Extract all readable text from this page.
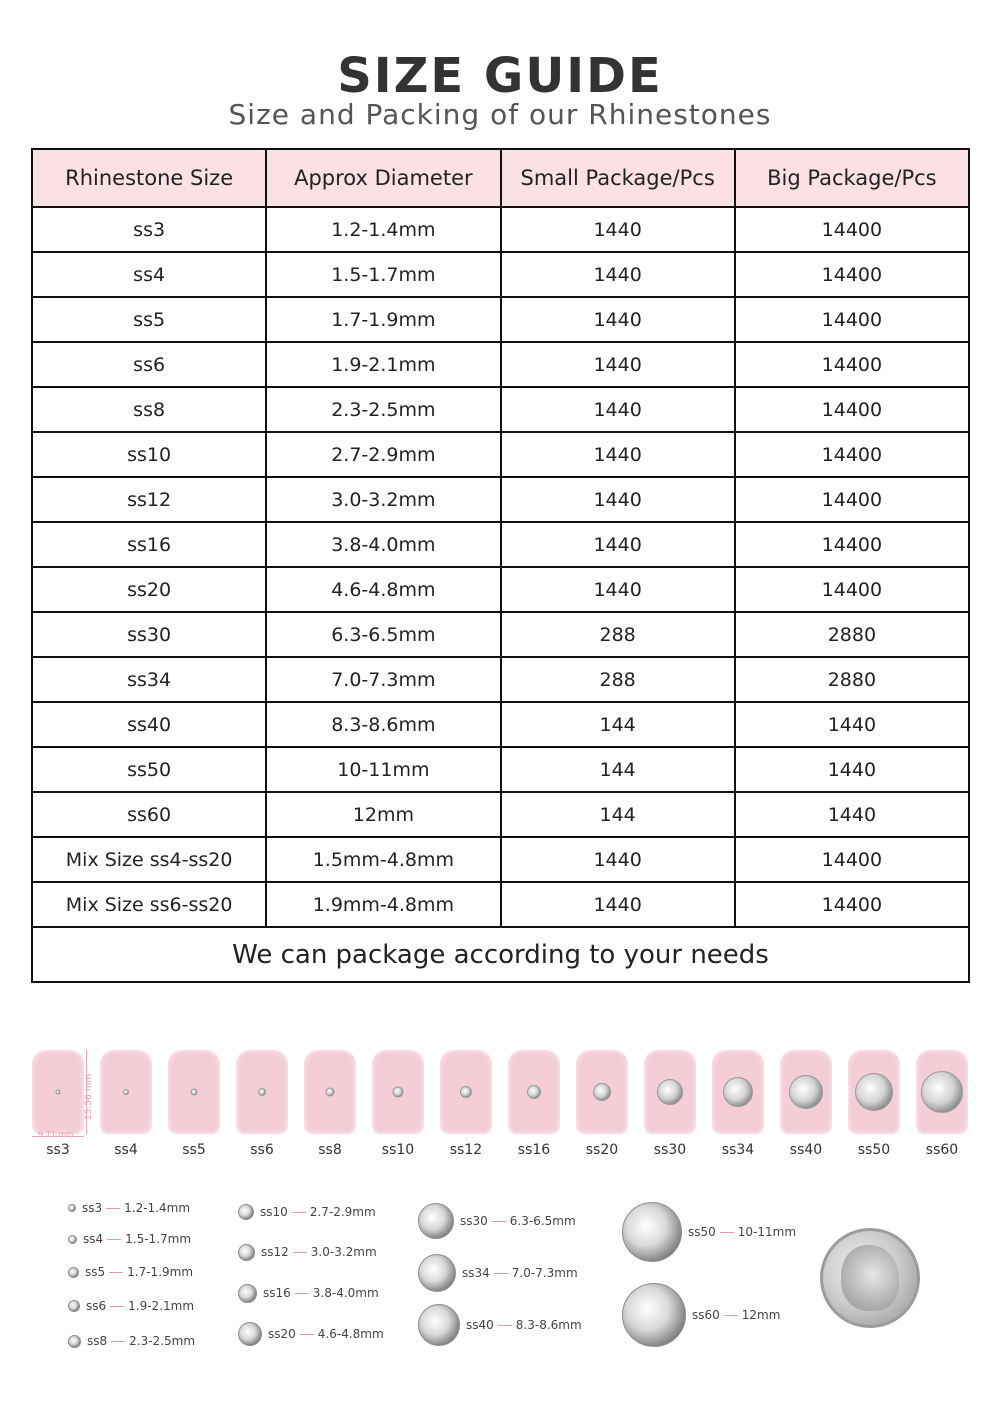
SIZE GUIDE
Size and Packing of our Rhinestones
Rhinestone Size	Approx Diameter	Small Package/Pcs	Big Package/Pcs
ss3	1.2-1.4mm	1440	14400
ss4	1.5-1.7mm	1440	14400
ss5	1.7-1.9mm	1440	14400
ss6	1.9-2.1mm	1440	14400
ss8	2.3-2.5mm	1440	14400
ss10	2.7-2.9mm	1440	14400
ss12	3.0-3.2mm	1440	14400
ss16	3.8-4.0mm	1440	14400
ss20	4.6-4.8mm	1440	14400
ss30	6.3-6.5mm	288	2880
ss34	7.0-7.3mm	288	2880
ss40	8.3-8.6mm	144	1440
ss50	10-11mm	144	1440
ss60	12mm	144	1440
Mix Size ss4-ss20	1.5mm-4.8mm	1440	14400
Mix Size ss6-ss20	1.9mm-4.8mm	1440	14400
We can package according to your needs			
ss3	ss4	ss5	ss6	ss8	ss10	ss12	ss16	ss20	ss30	ss34	ss40	ss50	ss60
15.56 mm
9.71 mm
ss3 1.2-1.4mm
ss4 1.5-1.7mm
ss5 1.7-1.9mm
ss6 1.9-2.1mm
ss8 2.3-2.5mm
ss10 2.7-2.9mm
ss12 3.0-3.2mm
ss16 3.8-4.0mm
ss20 4.6-4.8mm
ss30 6.3-6.5mm
ss34 7.0-7.3mm
ss40 8.3-8.6mm
ss50 10-11mm
ss60 12mm
